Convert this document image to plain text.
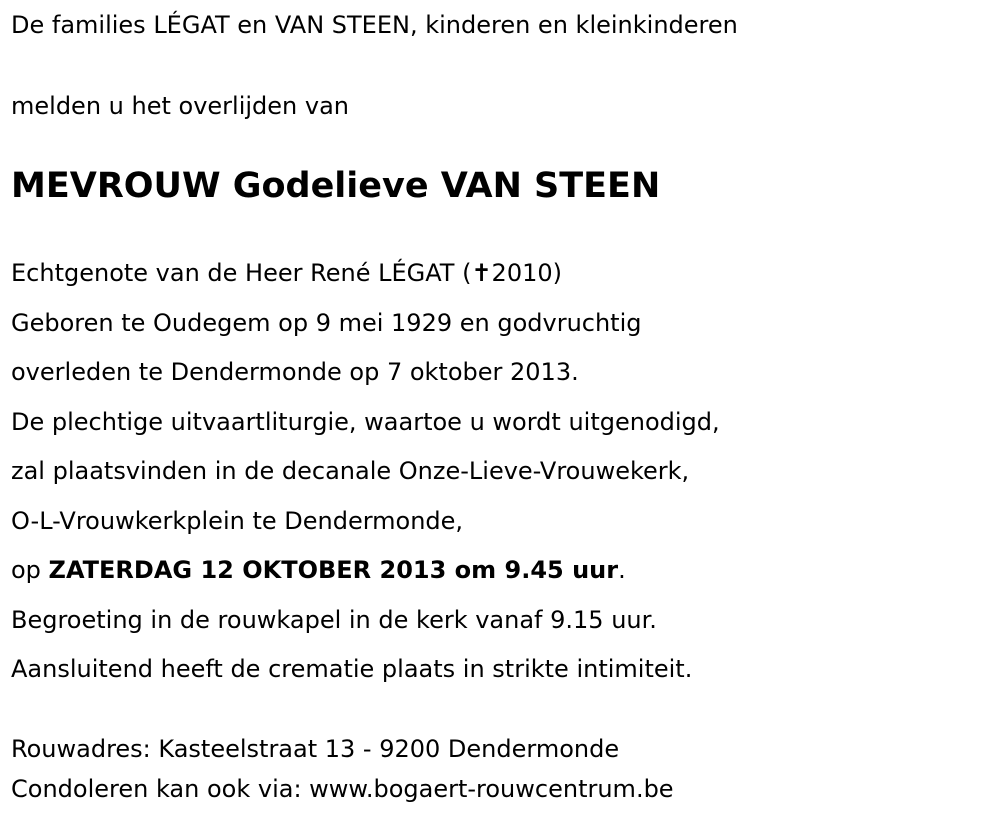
De families LÉGAT en VAN STEEN, kinderen en kleinkinderen

melden u het overlijden van

MEVROUW Godelieve VAN STEEN

Echtgenote van de Heer René LÉGAT (✝2010)

Geboren te Oudegem op 9 mei 1929 en godvruchtig

overleden te Dendermonde op 7 oktober 2013.

De plechtige uitvaartliturgie, waartoe u wordt uitgenodigd,

zal plaatsvinden in de decanale Onze-Lieve-Vrouwekerk,

O-L-Vrouwkerkplein te Dendermonde,

op ZATERDAG 12 OKTOBER 2013 om 9.45 uur.

Begroeting in de rouwkapel in de kerk vanaf 9.15 uur.

Aansluitend heeft de crematie plaats in strikte intimiteit.

Rouwadres: Kasteelstraat 13 - 9200 Dendermonde

Condoleren kan ook via: www.bogaert-rouwcentrum.be
